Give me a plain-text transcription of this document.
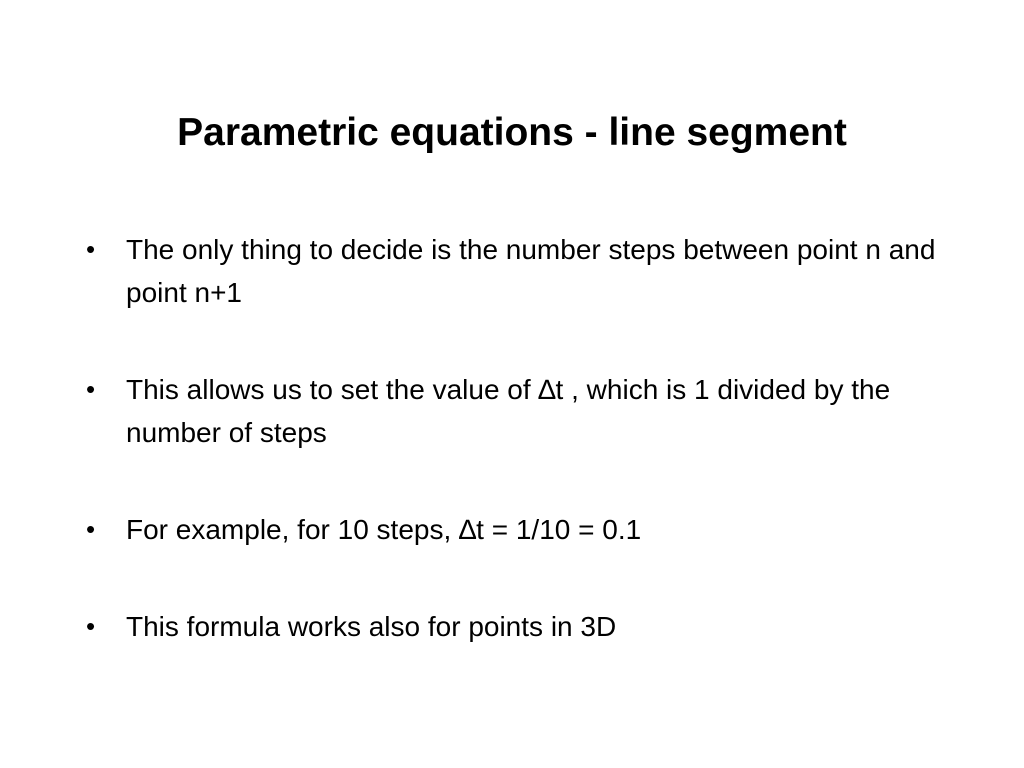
Parametric equations - line segment
•	The only thing to decide is the number steps between point n and point n+1
•	This allows us to set the value of ∆t , which is 1 divided by the number of steps
•	For example, for 10 steps, ∆t = 1/10 = 0.1
•	This formula works also for points in 3D
